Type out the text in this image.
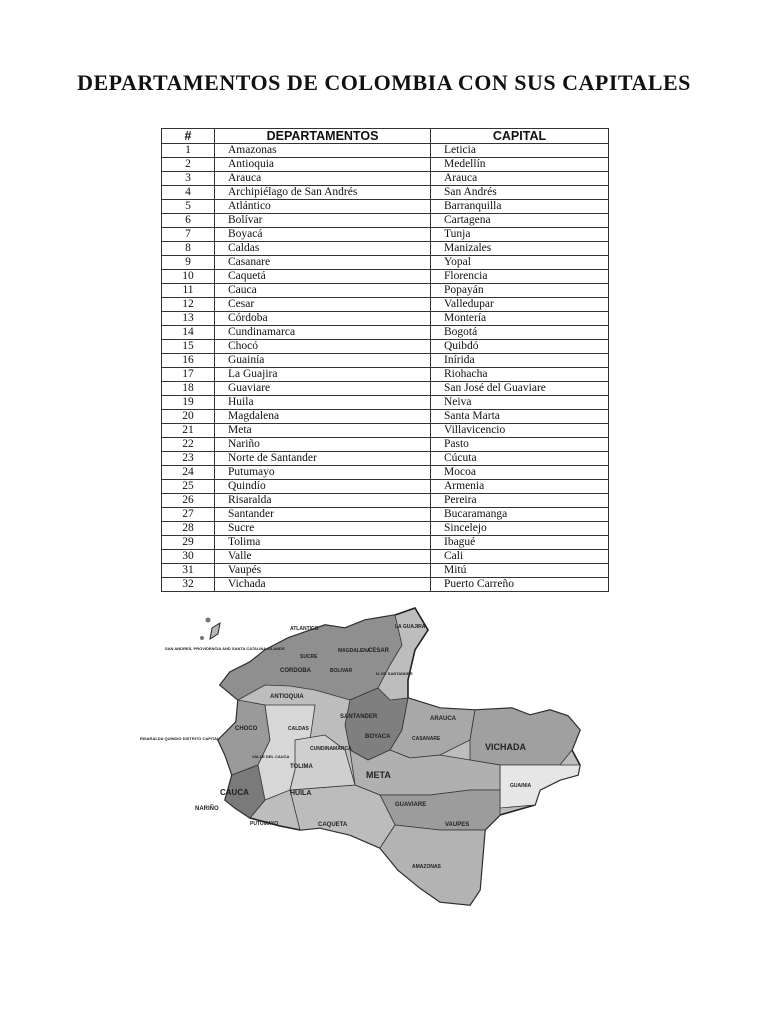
DEPARTAMENTOS DE COLOMBIA CON SUS CAPITALES
#	DEPARTAMENTOS	CAPITAL
1	Amazonas	Leticia
2	Antioquia	Medellín
3	Arauca	Arauca
4	Archipiélago de San Andrés	San Andrés
5	Atlántico	Barranquilla
6	Bolívar	Cartagena
7	Boyacá	Tunja
8	Caldas	Manizales
9	Casanare	Yopal
10	Caquetá	Florencia
11	Cauca	Popayán
12	Cesar	Valledupar
13	Córdoba	Montería
14	Cundinamarca	Bogotá
15	Chocó	Quibdó
16	Guainía	Inírida
17	La Guajira	Riohacha
18	Guaviare	San José del Guaviare
19	Huila	Neiva
20	Magdalena	Santa Marta
21	Meta	Villavicencio
22	Nariño	Pasto
23	Norte de Santander	Cúcuta
24	Putumayo	Mocoa
25	Quindío	Armenia
26	Risaralda	Pereira
27	Santander	Bucaramanga
28	Sucre	Sincelejo
29	Tolima	Ibagué
30	Valle	Cali
31	Vaupés	Mitú
32	Vichada	Puerto Carreño
ATLANTICO	LA GUAJIRA
MAGDALENA
CESAR
SAN ANDRES, PROVIDENCIA AND SANTA CATALINA ISLANDS
CORDOBA
SUCRE
BOLIVAR	N. DE SANTANDER
ANTIOQUIA
SANTANDER	ARAUCA
CHOCO	CALDAS
BOYACA	CASANARE
VICHADA
RISARALDA QUINDIO DISTRITO CAPITAL
CUNDINAMARCA
VALLE DEL CAUCA
TOLIMA
META
GUAINIA
CAUCA	HUILA
GUAVIARE
NARIÑO
PUTUMAYO	CAQUETA	VAUPES
AMAZONAS
